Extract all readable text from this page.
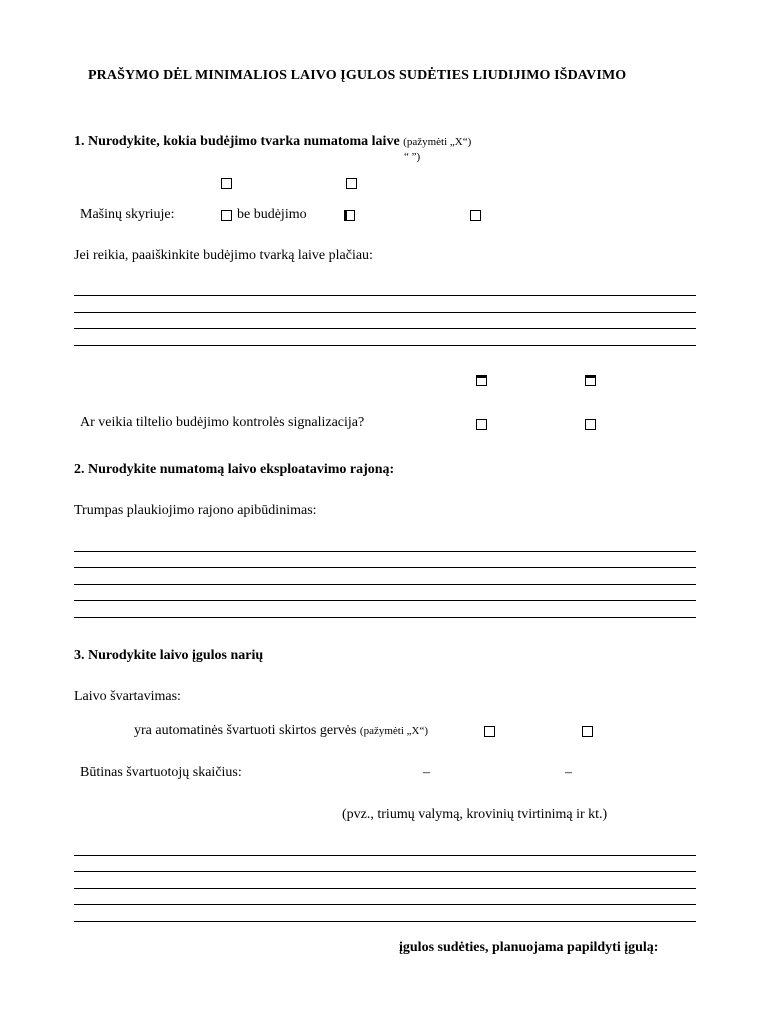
PRAŠYMO DĖL MINIMALIOS LAIVO ĮGULOS SUDĖTIES LIUDIJIMO IŠDAVIMO
1. Nurodykite, kokia budėjimo tvarka numatoma laive (pažymėti „X“)
“ ”)
Mašinų skyriuje:	be budėjimo
Jei reikia, paaiškinkite budėjimo tvarką laive plačiau:
Ar veikia tiltelio budėjimo kontrolės signalizacija?
2. Nurodykite numatomą laivo eksploatavimo rajoną:
Trumpas plaukiojimo rajono apibūdinimas:
3. Nurodykite laivo įgulos narių
Laivo švartavimas:
yra automatinės švartuoti skirtos gervės (pažymėti „X“)
Būtinas švartuotojų skaičius:	–	–
(pvz., triumų valymą, krovinių tvirtinimą ir kt.)
įgulos sudėties, planuojama papildyti įgulą:
